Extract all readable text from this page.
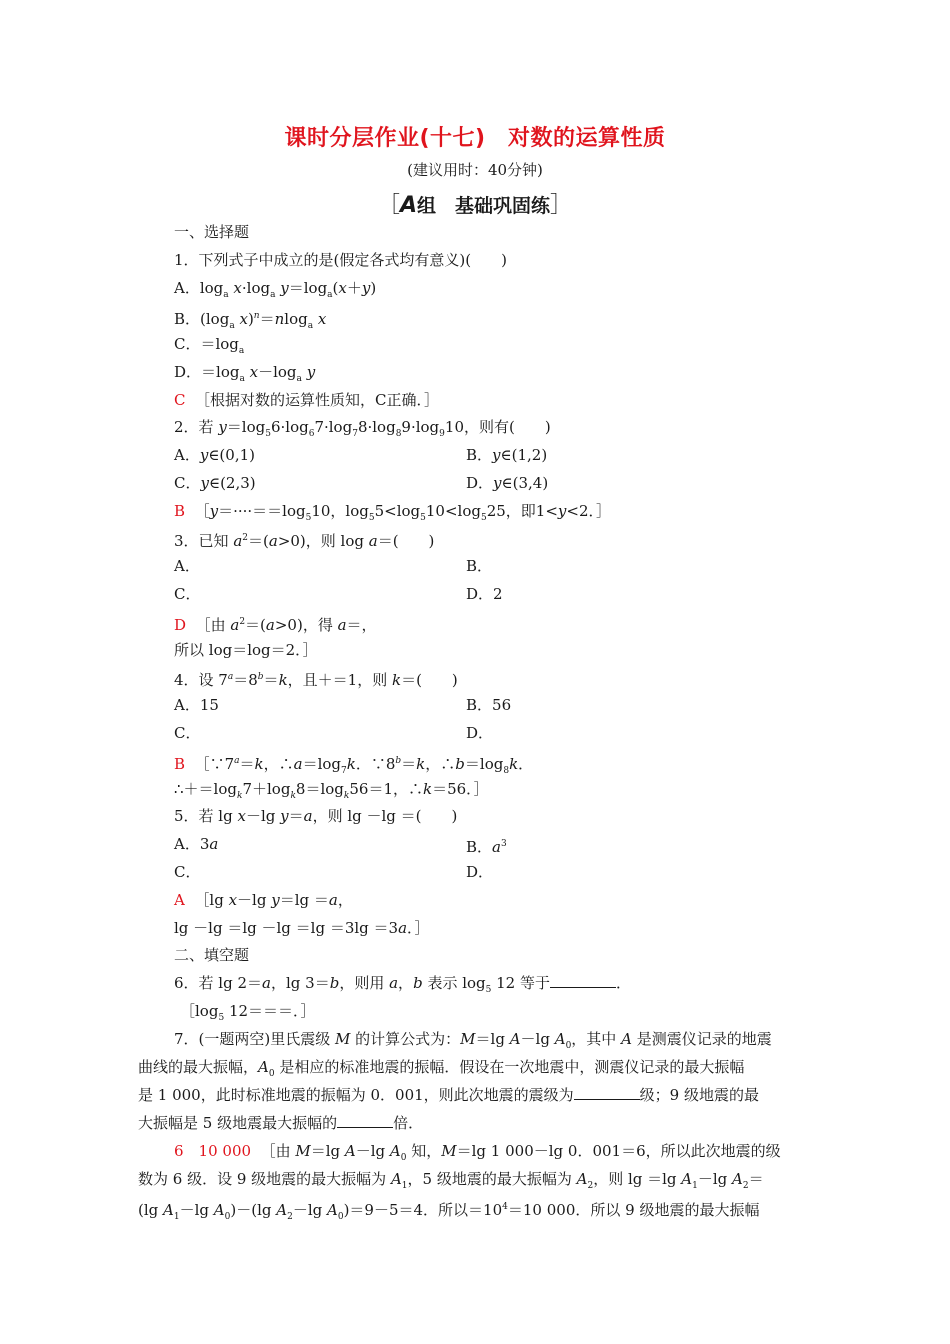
课时分层作业(十七)　对数的运算性质
(建议用时：40分钟)
［A组　基础巩固练］
一、选择题
1．下列式子中成立的是(假定各式均有意义)(　　)
A．$\log_a x\cdot\log_a$ $y=\log_a(x+y)$
B．($\log_a$ x)$^n$＝nlog$_a$ x
C．$=\log_a$
D．$=\log_a$ $x-\log_a$ y
C ［根据对数的运算性质知，C正确．］
2．若 $y=\log_56\cdot\log_67\cdot\log_78\cdot\log_89\cdot\log_910$，则有(　　)
A．y∈(0,1)	B．y∈(1,2)
C．y∈(2,3)	D．y∈(3,4)
B $[y=\cdot\cdot\cdot\cdot==\log_510$，$\log_55<\log_510<\log_525$，即1<y<2．］
3．已知 $a^2=(a>0)$，则 log a＝(　　)
A．	B．
C．	D．2
D ［由 $a^2=(a>0)$，得 a＝，
所以 log＝log＝2．］
4．设 $7^a=8^b=k$，且＋＝1，则 k＝(　　)
A．15	B．56
C．	D．
B $[\because 7^a=k$，$\therefore a=\log_7k$．$\because 8^b=k$，$\therefore b=\log_8k$．
$\therefore+=\log_k7+\log_k8=\log_k56=1$，∴k＝56．］
5．若 lg x－lg y＝a，则 lg －lg ＝(　　)
A．3a	B．$a^3$
C．	D．
A ［lg x－lg y＝lg ＝a，
lg －lg ＝lg －lg ＝lg ＝3lg ＝3a．］
二、填空题
6．若 lg 2＝a，lg 3＝b，则用 a，b 表示 $\log_5 12$ 等于	．
$[\log_5$ 12＝＝＝．］
7．(一题两空)里氏震级 M 的计算公式为：M＝lg A－lg $A_0$，其中 A 是测震仪记录的地震
曲线的最大振幅，$A_0$ 是相应的标准地震的振幅．假设在一次地震中，测震仪记录的最大振幅
是 1 000，此时标准地震的振幅为 0．001，则此次地震的震级为	级；9 级地震的最
大振幅是 5 级地震最大振幅的	倍．
6　10 000 ［由 M＝lg A－lg $A_0$ 知，M＝lg 1 000－lg 0．001＝6，所以此次地震的级
数为 6 级．设 9 级地震的最大振幅为 $A_1$，5 级地震的最大振幅为 $A_2$，则 lg ＝lg $A_1-\lg$ $A_2=$
(lg $A_1-\lg$ $A_0)-(\lg$ $A_2-\lg$ $A_0)=9-5=4$．所以$=10^4=10$ 000．所以 9 级地震的最大振幅
